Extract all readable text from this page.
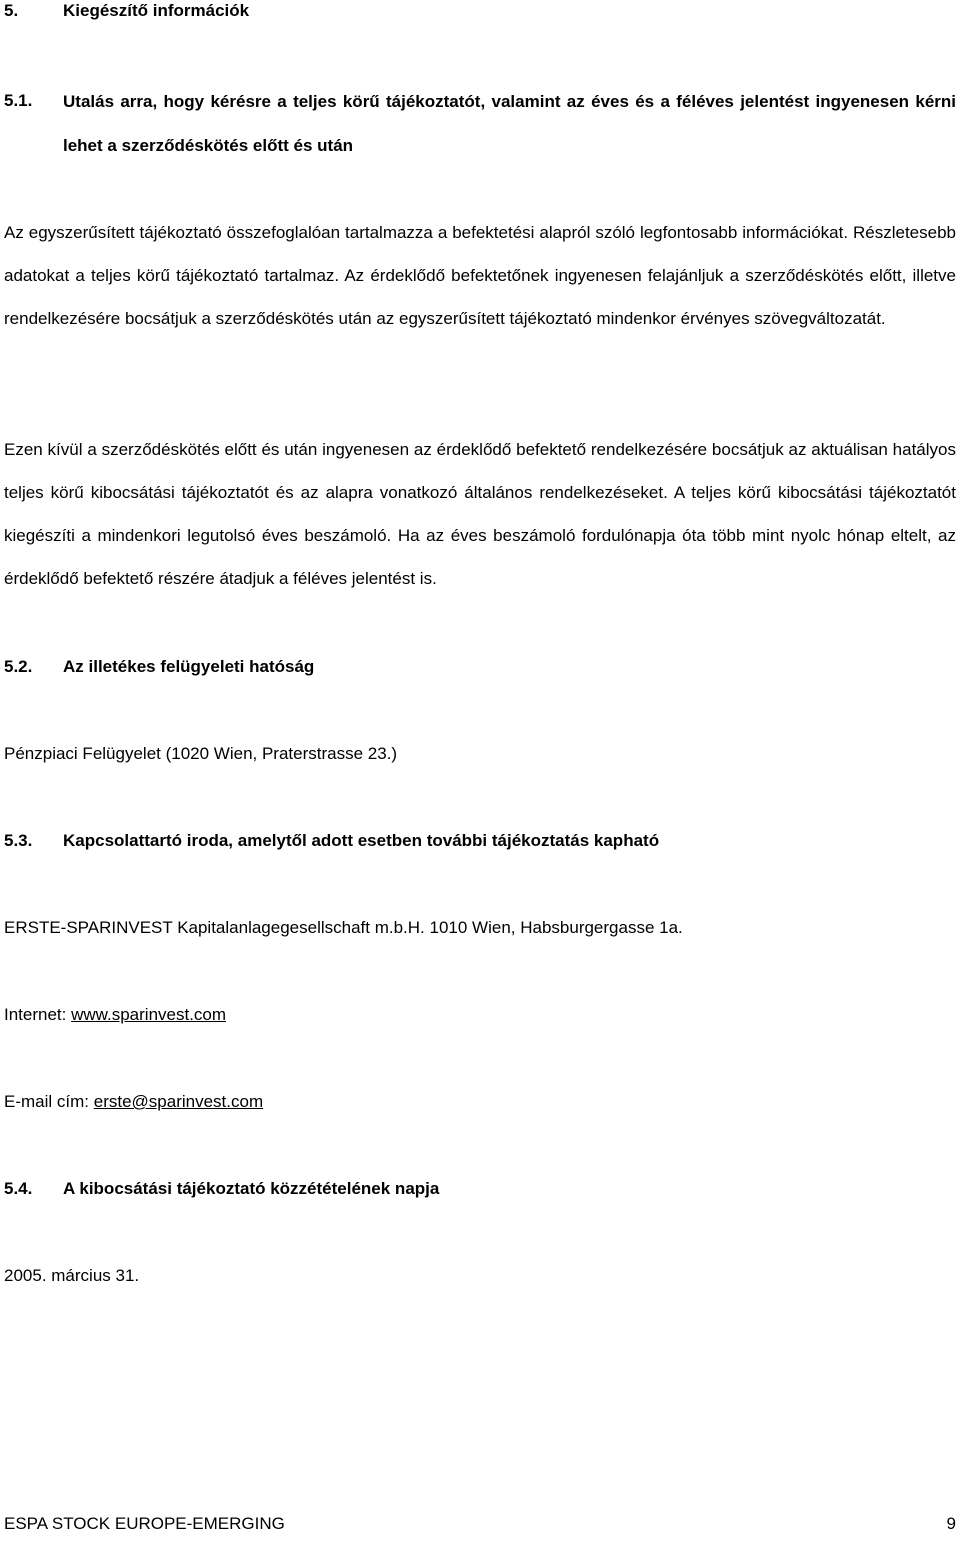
5.	Kiegészítő információk
5.1. Utalás arra, hogy kérésre a teljes körű tájékoztatót, valamint az éves és a féléves jelentést ingyenesen kérni lehet a szerződéskötés előtt és után
Az egyszerűsített tájékoztató összefoglalóan tartalmazza a befektetési alapról szóló legfontosabb információkat. Részletesebb adatokat a teljes körű tájékoztató tartalmaz. Az érdeklődő befektetőnek ingyenesen felajánljuk a szerződéskötés előtt, illetve rendelkezésére bocsátjuk a szerződéskötés után az egyszerűsített tájékoztató mindenkor érvényes szövegváltozatát.
Ezen kívül a szerződéskötés előtt és után ingyenesen az érdeklődő befektető rendelkezésére bocsátjuk az aktuálisan hatályos teljes körű kibocsátási tájékoztatót és az alapra vonatkozó általános rendelkezéseket. A teljes körű kibocsátási tájékoztatót kiegészíti a mindenkori legutolsó éves beszámoló. Ha az éves beszámoló fordulónapja óta több mint nyolc hónap eltelt, az érdeklődő befektető részére átadjuk a féléves jelentést is.
5.2. Az illetékes felügyeleti hatóság
Pénzpiaci Felügyelet (1020 Wien, Praterstrasse 23.)
5.3. Kapcsolattartó iroda, amelytől adott esetben további tájékoztatás kapható
ERSTE-SPARINVEST Kapitalanlagegesellschaft m.b.H. 1010 Wien, Habsburgergasse 1a.
Internet: www.sparinvest.com
E-mail cím: erste@sparinvest.com
5.4. A kibocsátási tájékoztató közzétételének napja
2005. március 31.
ESPA STOCK EUROPE-EMERGING	9
